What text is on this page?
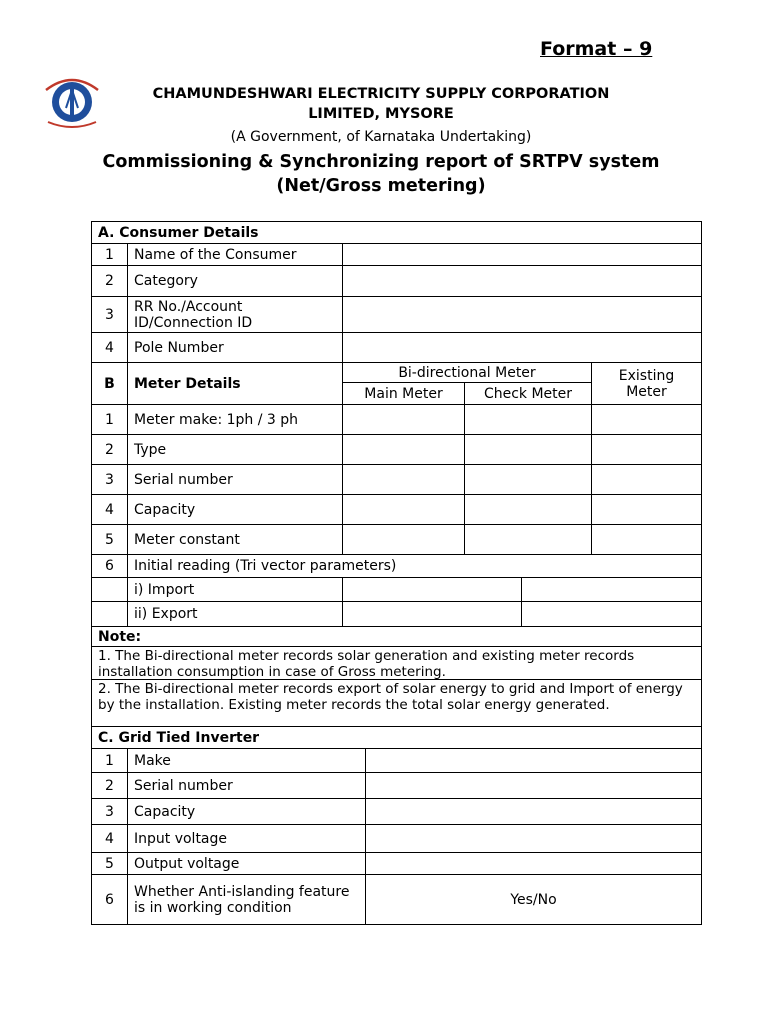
Format – 9
CHAMUNDESHWARI ELECTRICITY SUPPLY CORPORATION
LIMITED, MYSORE
(A Government, of Karnataka Undertaking)
Commissioning & Synchronizing report of SRTPV system
(Net/Gross metering)
A. Consumer Details
1	Name of the Consumer
2	Category
3	RR No./Account ID/Connection ID
4	Pole Number
B	Meter Details
Bi-directional Meter
Main Meter	Check Meter
Existing Meter
1	Meter make: 1ph / 3 ph
2	Type
3	Serial number
4	Capacity
5	Meter constant
6	Initial reading (Tri vector parameters)
i) Import
ii) Export
Note:
1. The Bi-directional meter records solar generation and existing meter records installation consumption in case of Gross metering.
2. The Bi-directional meter records export of solar energy to grid and Import of energy by the installation. Existing meter records the total solar energy generated.
C. Grid Tied Inverter
1	Make
2	Serial number
3	Capacity
4	Input voltage
5	Output voltage
6	Whether Anti-islanding feature is in working condition	Yes/No
